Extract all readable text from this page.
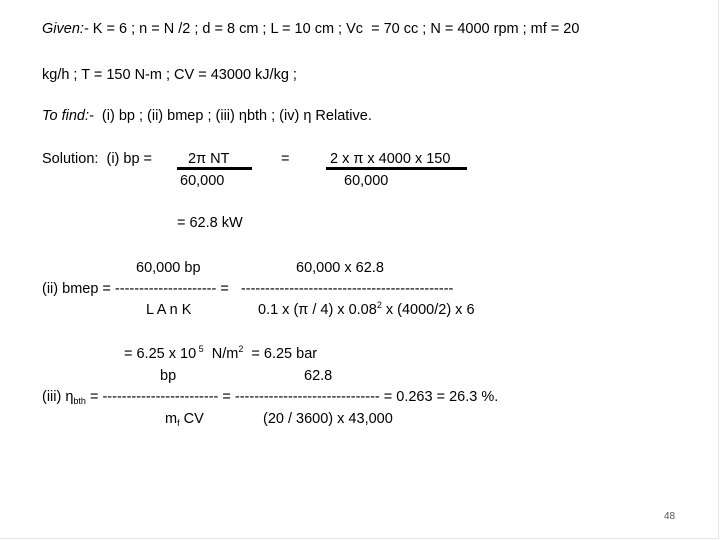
Given:- K = 6 ; n = N /2 ; d = 8 cm ; L = 10 cm ; Vc  = 70 cc ; N = 4000 rpm ; mf = 20
kg/h ; T = 150 N-m ; CV = 43000 kJ/kg ;
To find:-  (i) bp ; (ii) bmep ; (iii) ηbth ; (iv) η Relative.
Solution:  (i) bp = 2π NT
60,000
=	2 x π x 4000 x 150
60,000
= 62.8 kW
60,000 bp	60,000 x 62.8
(ii) bmep = --------------------- =   --------------------------------------------
L A n K	0.1 x (π / 4) x 0.08$^2$ x (4000/2) x 6
= 6.25 x 10 $^5$  $N/m^2 = 6.25$ bar
bp	62.8
(iii) $\eta_{bth}$ = ------------------------ = ------------------------------ = 0.263 = 26.3 %.
$m_f$ CV	(20 / 3600) x 43,000
48
